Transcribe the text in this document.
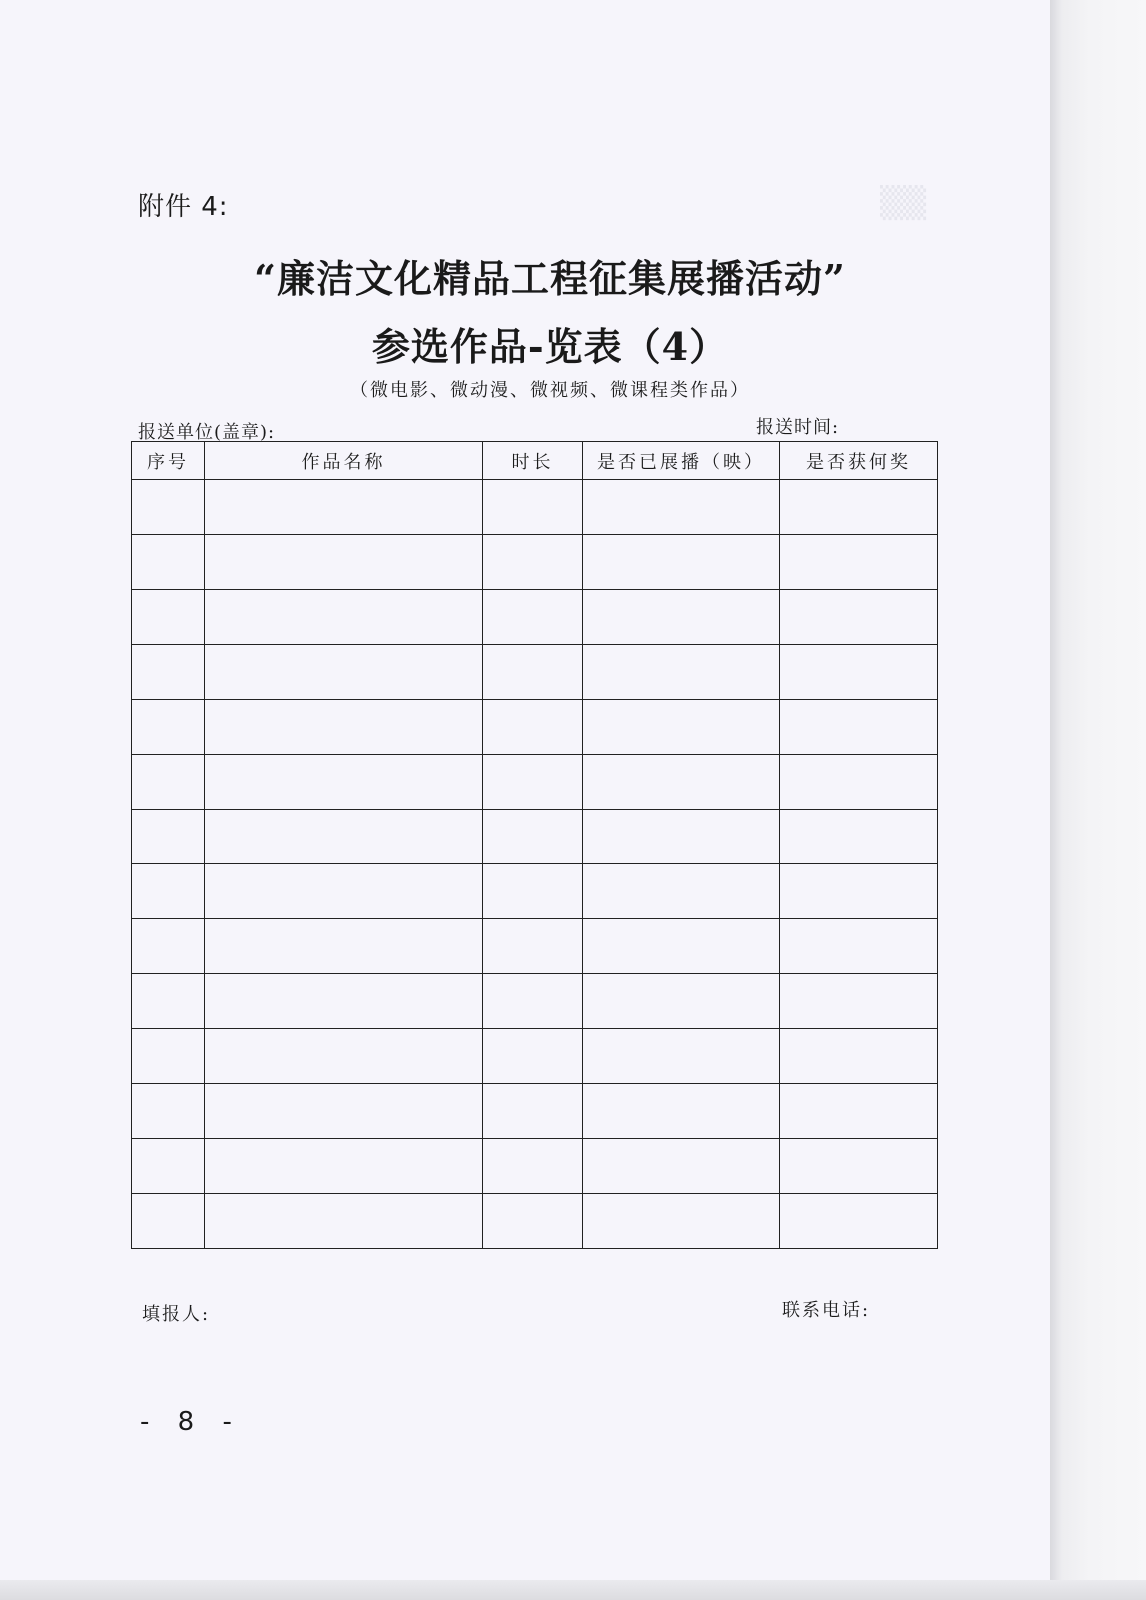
▒▒
附件 4:
“廉洁文化精品工程征集展播活动”
参选作品-览表（4）
（微电影、微动漫、微视频、微课程类作品）
报送单位(盖章):	报送时间:
序号	作品名称	时长	是否已展播（映）	是否获何奖

填报人:	联系电话:
- 8 -
